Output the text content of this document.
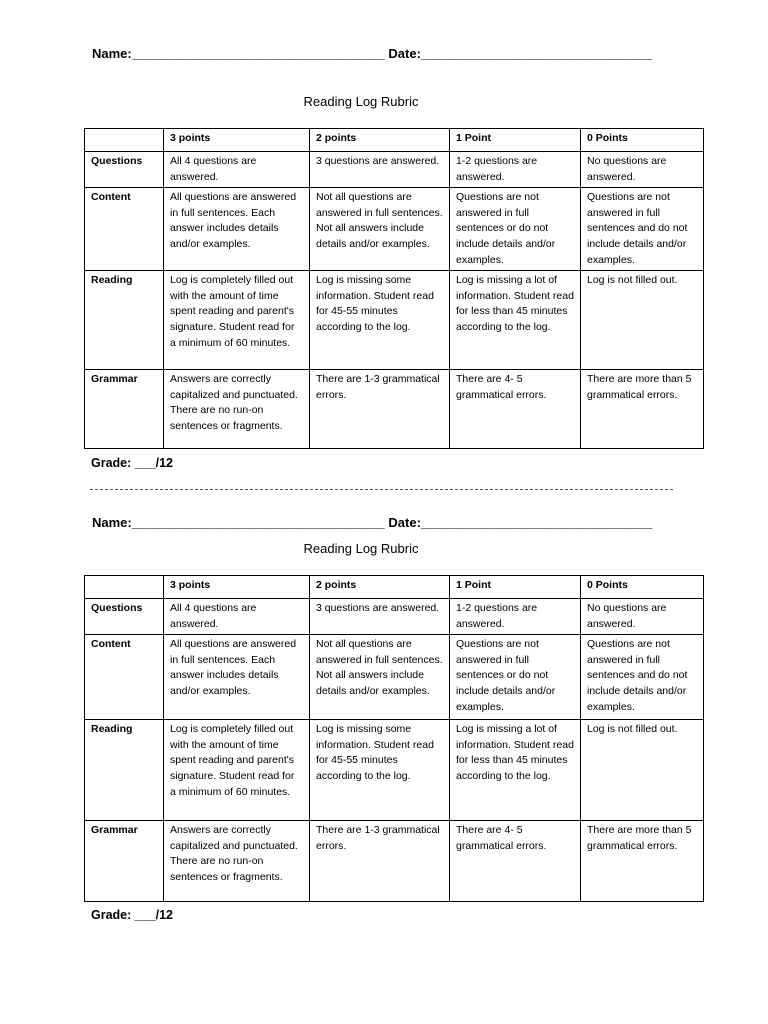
Name:___________________________________ Date:________________________________
Reading Log Rubric
	3 points	2 points	1 Point	0 Points
Questions	All 4 questions are answered.	3 questions are answered.	1-2 questions are answered.	No questions are answered.
Content	All questions are answered in full sentences. Each answer includes details and/or examples.	Not all questions are answered in full sentences. Not all answers include details and/or examples.	Questions are not answered in full sentences or do not include details and/or examples.	Questions are not answered in full sentences and do not include details and/or examples.
Reading	Log is completely filled out with the amount of time spent reading and parent's signature. Student read for a minimum of 60 minutes.	Log is missing some information. Student read for 45-55 minutes according to the log.	Log is missing a lot of information. Student read for less than 45 minutes according to the log.	Log is not filled out.
Grammar	Answers are correctly capitalized and punctuated. There are no run-on sentences or fragments.	There are 1-3 grammatical errors.	There are 4- 5 grammatical errors.	There are more than 5 grammatical errors.
Grade: ___/12
Name:___________________________________ Date:________________________________
Reading Log Rubric
	3 points	2 points	1 Point	0 Points
Questions	All 4 questions are answered.	3 questions are answered.	1-2 questions are answered.	No questions are answered.
Content	All questions are answered in full sentences. Each answer includes details and/or examples.	Not all questions are answered in full sentences. Not all answers include details and/or examples.	Questions are not answered in full sentences or do not include details and/or examples.	Questions are not answered in full sentences and do not include details and/or examples.
Reading	Log is completely filled out with the amount of time spent reading and parent's signature. Student read for a minimum of 60 minutes.	Log is missing some information. Student read for 45-55 minutes according to the log.	Log is missing a lot of information. Student read for less than 45 minutes according to the log.	Log is not filled out.
Grammar	Answers are correctly capitalized and punctuated. There are no run-on sentences or fragments.	There are 1-3 grammatical errors.	There are 4- 5 grammatical errors.	There are more than 5 grammatical errors.
Grade: ___/12
